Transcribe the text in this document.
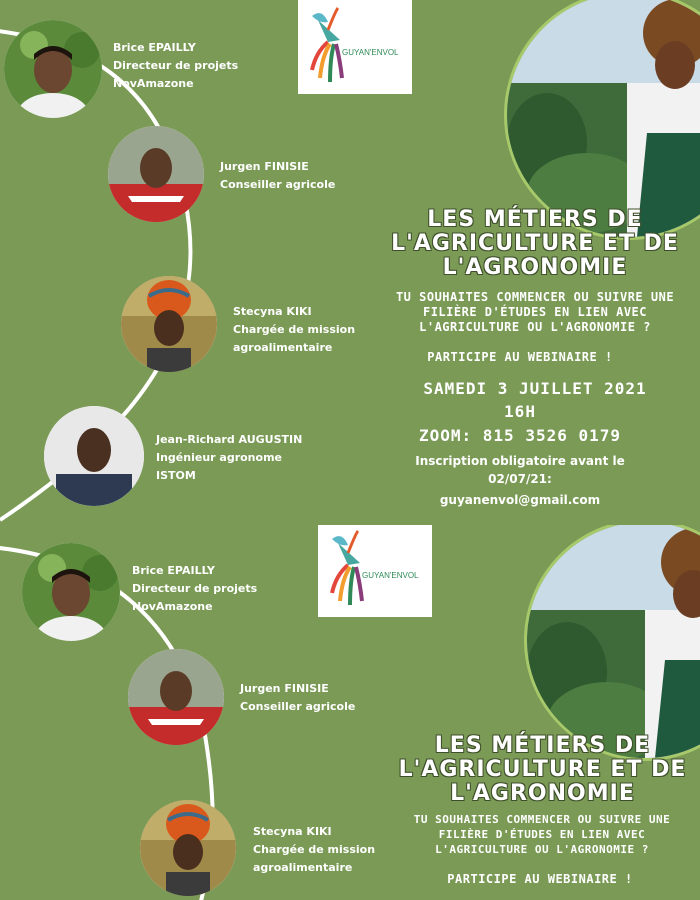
Brice EPAILLY
Directeur de projets
NovAmazone
Jurgen FINISIE
Conseiller agricole
Stecyna KIKI
Chargée de mission
agroalimentaire
Jean-Richard AUGUSTIN
Ingénieur agronome
ISTOM
GUYAN'ENVOL
LES MÉTIERS DE
L'AGRICULTURE ET DE
L'AGRONOMIE
TU SOUHAITES COMMENCER OU SUIVRE UNE
FILIÈRE D'ÉTUDES EN LIEN AVEC
L'AGRICULTURE OU L'AGRONOMIE ?
PARTICIPE AU WEBINAIRE !
SAMEDI 3 JUILLET 2021
16H
ZOOM: 815 3526 0179
Inscription obligatoire avant le
02/07/21:
guyanenvol@gmail.com
Brice EPAILLY
Directeur de projets
NovAmazone
Jurgen FINISIE
Conseiller agricole
Stecyna KIKI
Chargée de mission
agroalimentaire
GUYAN'ENVOL
LES MÉTIERS DE
L'AGRICULTURE ET DE
L'AGRONOMIE
TU SOUHAITES COMMENCER OU SUIVRE UNE
FILIÈRE D'ÉTUDES EN LIEN AVEC
L'AGRICULTURE OU L'AGRONOMIE ?
PARTICIPE AU WEBINAIRE !
